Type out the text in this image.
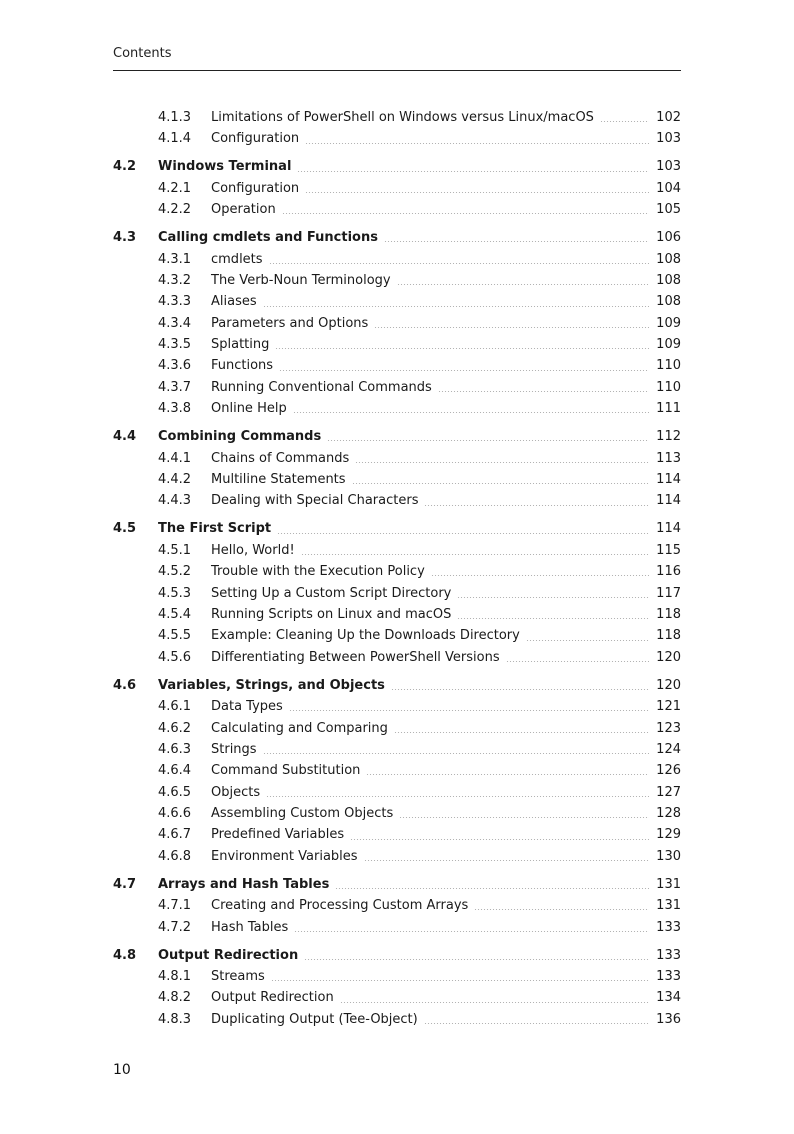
Contents
4.1.3	Limitations of PowerShell on Windows versus Linux/macOS	102
4.1.4	Configuration	103
4.2	Windows Terminal	103
4.2.1	Configuration	104
4.2.2	Operation	105
4.3	Calling cmdlets and Functions	106
4.3.1	cmdlets	108
4.3.2	The Verb-Noun Terminology	108
4.3.3	Aliases	108
4.3.4	Parameters and Options	109
4.3.5	Splatting	109
4.3.6	Functions	110
4.3.7	Running Conventional Commands	110
4.3.8	Online Help	111
4.4	Combining Commands	112
4.4.1	Chains of Commands	113
4.4.2	Multiline Statements	114
4.4.3	Dealing with Special Characters	114
4.5	The First Script	114
4.5.1	Hello, World!	115
4.5.2	Trouble with the Execution Policy	116
4.5.3	Setting Up a Custom Script Directory	117
4.5.4	Running Scripts on Linux and macOS	118
4.5.5	Example: Cleaning Up the Downloads Directory	118
4.5.6	Differentiating Between PowerShell Versions	120
4.6	Variables, Strings, and Objects	120
4.6.1	Data Types	121
4.6.2	Calculating and Comparing	123
4.6.3	Strings	124
4.6.4	Command Substitution	126
4.6.5	Objects	127
4.6.6	Assembling Custom Objects	128
4.6.7	Predefined Variables	129
4.6.8	Environment Variables	130
4.7	Arrays and Hash Tables	131
4.7.1	Creating and Processing Custom Arrays	131
4.7.2	Hash Tables	133
4.8	Output Redirection	133
4.8.1	Streams	133
4.8.2	Output Redirection	134
4.8.3	Duplicating Output (Tee-Object)	136
10
